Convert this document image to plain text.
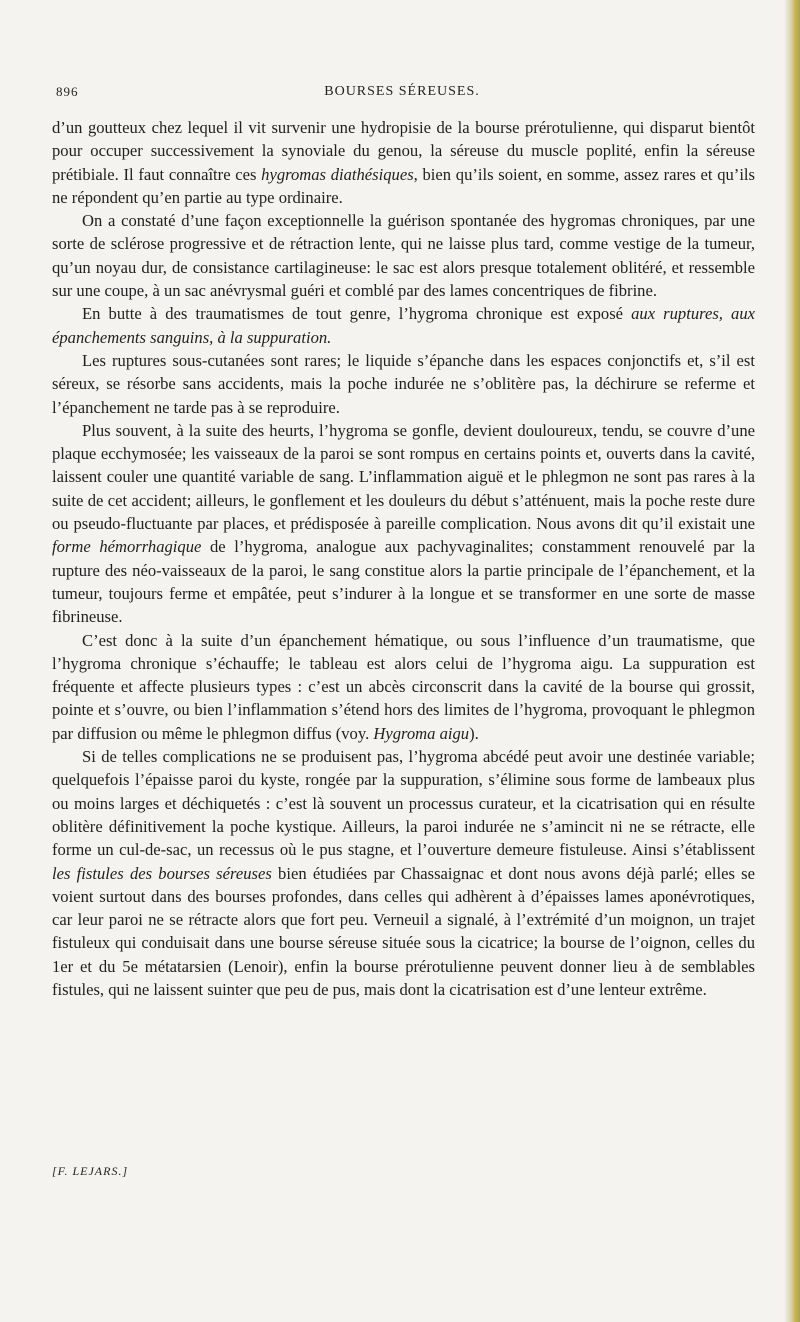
896	BOURSES SÉREUSES.

d’un goutteux chez lequel il vit survenir une hydropisie de la bourse prérotulienne, qui disparut bientôt pour occuper successivement la synoviale du genou, la séreuse du muscle poplité, enfin la séreuse prétibiale. Il faut connaître ces hygromas diathésiques, bien qu’ils soient, en somme, assez rares et qu’ils ne répondent qu’en partie au type ordinaire.

On a constaté d’une façon exceptionnelle la guérison spontanée des hygromas chroniques, par une sorte de sclérose progressive et de rétraction lente, qui ne laisse plus tard, comme vestige de la tumeur, qu’un noyau dur, de consistance cartilagineuse: le sac est alors presque totalement oblitéré, et ressemble sur une coupe, à un sac anévrysmal guéri et comblé par des lames concentriques de fibrine.

En butte à des traumatismes de tout genre, l’hygroma chronique est exposé aux ruptures, aux épanchements sanguins, à la suppuration.

Les ruptures sous-cutanées sont rares; le liquide s’épanche dans les espaces conjonctifs et, s’il est séreux, se résorbe sans accidents, mais la poche indurée ne s’oblitère pas, la déchirure se referme et l’épanchement ne tarde pas à se reproduire.

Plus souvent, à la suite des heurts, l’hygroma se gonfle, devient douloureux, tendu, se couvre d’une plaque ecchymosée; les vaisseaux de la paroi se sont rompus en certains points et, ouverts dans la cavité, laissent couler une quantité variable de sang. L’inflammation aiguë et le phlegmon ne sont pas rares à la suite de cet accident; ailleurs, le gonflement et les douleurs du début s’atténuent, mais la poche reste dure ou pseudo-fluctuante par places, et prédisposée à pareille complication. Nous avons dit qu’il existait une forme hémorrhagique de l’hygroma, analogue aux pachyvaginalites; constamment renouvelé par la rupture des néo-vaisseaux de la paroi, le sang constitue alors la partie principale de l’épanchement, et la tumeur, toujours ferme et empâtée, peut s’indurer à la longue et se transformer en une sorte de masse fibrineuse.

C’est donc à la suite d’un épanchement hématique, ou sous l’influence d’un traumatisme, que l’hygroma chronique s’échauffe; le tableau est alors celui de l’hygroma aigu. La suppuration est fréquente et affecte plusieurs types : c’est un abcès circonscrit dans la cavité de la bourse qui grossit, pointe et s’ouvre, ou bien l’inflammation s’étend hors des limites de l’hygroma, provoquant le phlegmon par diffusion ou même le phlegmon diffus (voy. Hygroma aigu).

Si de telles complications ne se produisent pas, l’hygroma abcédé peut avoir une destinée variable; quelquefois l’épaisse paroi du kyste, rongée par la suppuration, s’élimine sous forme de lambeaux plus ou moins larges et déchiquetés : c’est là souvent un processus curateur, et la cicatrisation qui en résulte oblitère définitivement la poche kystique. Ailleurs, la paroi indurée ne s’amincit ni ne se rétracte, elle forme un cul-de-sac, un recessus où le pus stagne, et l’ouverture demeure fistuleuse. Ainsi s’établissent les fistules des bourses séreuses bien étudiées par Chassaignac et dont nous avons déjà parlé; elles se voient surtout dans des bourses profondes, dans celles qui adhèrent à d’épaisses lames aponévrotiques, car leur paroi ne se rétracte alors que fort peu. Verneuil a signalé, à l’extrémité d’un moignon, un trajet fistuleux qui conduisait dans une bourse séreuse située sous la cicatrice; la bourse de l’oignon, celles du 1er et du 5e métatarsien (Lenoir), enfin la bourse prérotulienne peuvent donner lieu à de semblables fistules, qui ne laissent suinter que peu de pus, mais dont la cicatrisation est d’une lenteur extrême.

[F. LEJARS.]
